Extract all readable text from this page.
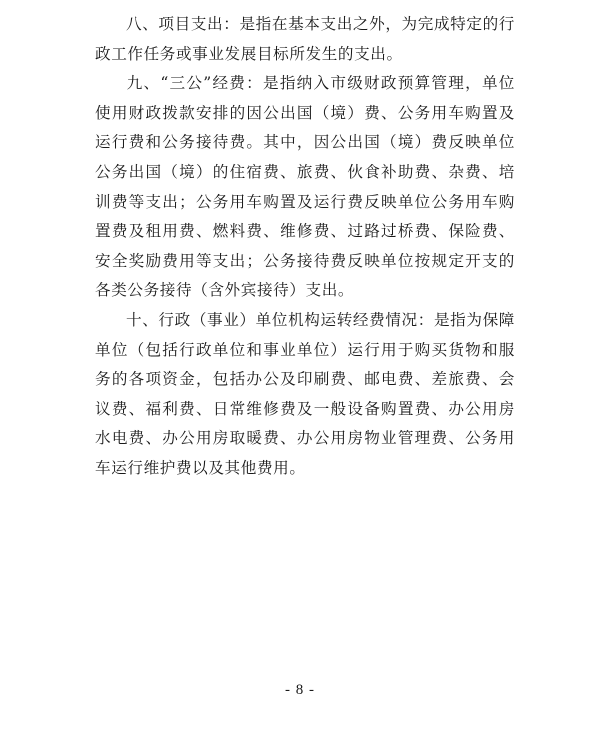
八、项目支出：是指在基本支出之外，为完成特定的行政工作任务或事业发展目标所发生的支出。

九、“三公”经费：是指纳入市级财政预算管理，单位使用财政拨款安排的因公出国（境）费、公务用车购置及运行费和公务接待费。其中，因公出国（境）费反映单位公务出国（境）的住宿费、旅费、伙食补助费、杂费、培训费等支出；公务用车购置及运行费反映单位公务用车购置费及租用费、燃料费、维修费、过路过桥费、保险费、安全奖励费用等支出；公务接待费反映单位按规定开支的各类公务接待（含外宾接待）支出。

十、行政（事业）单位机构运转经费情况：是指为保障单位（包括行政单位和事业单位）运行用于购买货物和服务的各项资金，包括办公及印刷费、邮电费、差旅费、会议费、福利费、日常维修费及一般设备购置费、办公用房水电费、办公用房取暖费、办公用房物业管理费、公务用车运行维护费以及其他费用。

- 8 -
